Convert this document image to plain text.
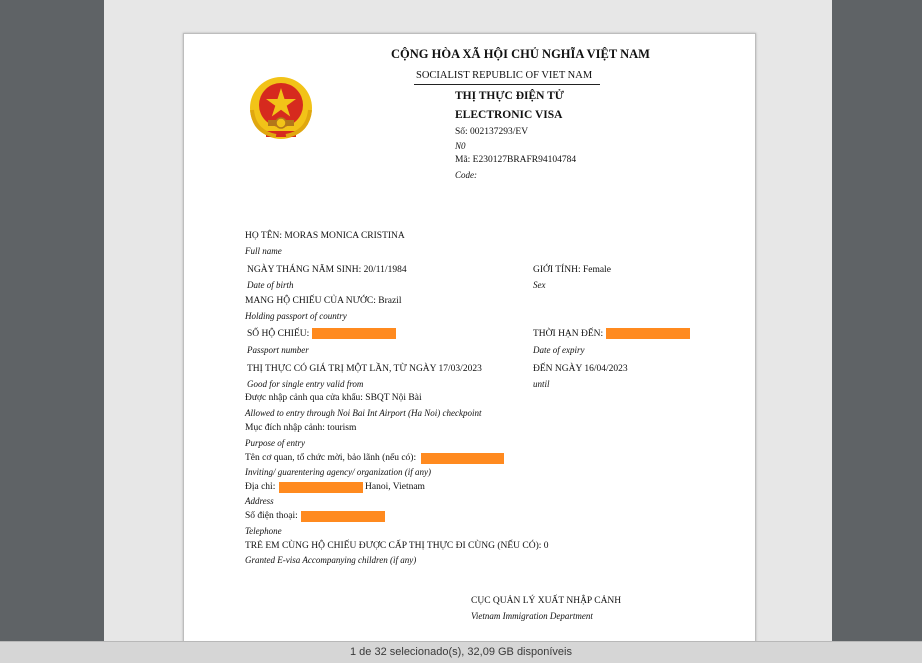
CỘNG HÒA XÃ HỘI CHỦ NGHĨA VIỆT NAM
SOCIALIST REPUBLIC OF VIET NAM
THỊ THỰC ĐIỆN TỬ
ELECTRONIC VISA
Số: 002137293/EV
N0
Mã: E230127BRAFR94104784
Code:
HỌ TÊN: MORAS MONICA CRISTINA
Full name
NGÀY THÁNG NĂM SINH: 20/11/1984
Date of birth
GIỚI TÍNH: Female
Sex
MANG HỘ CHIẾU CỦA NƯỚC: Brazil
Holding passport of country
SỐ HỘ CHIẾU:
Passport number
THỜI HẠN ĐẾN:
Date of expiry
THỊ THỰC CÓ GIÁ TRỊ MỘT LẦN, TỪ NGÀY 17/03/2023
Good for single entry valid from
ĐẾN NGÀY 16/04/2023
until
Được nhập cảnh qua cửa khẩu: SBQT Nội Bài
Allowed to entry through Noi Bai Int Airport (Ha Noi) checkpoint
Mục đích nhập cảnh: tourism
Purpose of entry
Tên cơ quan, tổ chức mời, bảo lãnh (nếu có):
Inviting/ guarentering agency/ organization (if any)
Địa chỉ:	Hanoi, Vietnam
Address
Số điện thoại:
Telephone
TRẺ EM CÙNG HỘ CHIẾU ĐƯỢC CẤP THỊ THỰC ĐI CÙNG (NẾU CÓ): 0
Granted E-visa Accompanying children (if any)
CỤC QUẢN LÝ XUẤT NHẬP CẢNH
Vietnam Immigration Department
1 de 32 selecionado(s), 32,09 GB disponíveis
